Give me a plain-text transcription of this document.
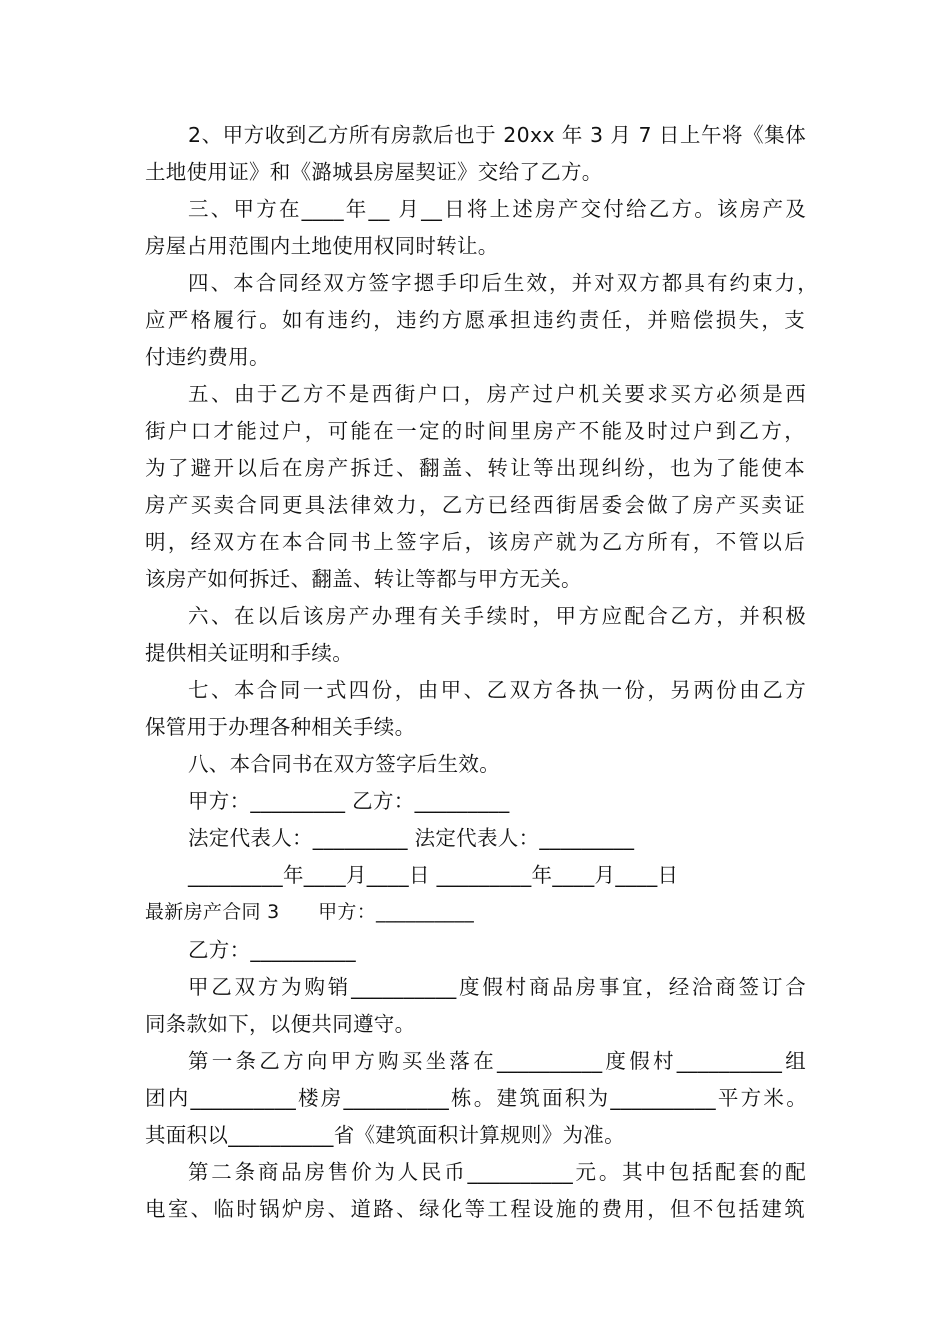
2、甲方收到乙方所有房款后也于 20xx 年 3 月 7 日上午将《集体
土地使用证》和《潞城县房屋契证》交给了乙方。
三、甲方在____年__ 月__日将上述房产交付给乙方。该房产及
房屋占用范围内土地使用权同时转让。
四、本合同经双方签字摁手印后生效，并对双方都具有约束力，
应严格履行。如有违约，违约方愿承担违约责任，并赔偿损失，支
付违约费用。
五、由于乙方不是西街户口，房产过户机关要求买方必须是西
街户口才能过户，可能在一定的时间里房产不能及时过户到乙方，
为了避开以后在房产拆迁、翻盖、转让等出现纠纷，也为了能使本
房产买卖合同更具法律效力，乙方已经西街居委会做了房产买卖证
明，经双方在本合同书上签字后，该房产就为乙方所有，不管以后
该房产如何拆迁、翻盖、转让等都与甲方无关。
六、在以后该房产办理有关手续时，甲方应配合乙方，并积极
提供相关证明和手续。
七、本合同一式四份，由甲、乙双方各执一份，另两份由乙方
保管用于办理各种相关手续。
八、本合同书在双方签字后生效。
甲方：_________ 乙方：_________
法定代表人：_________ 法定代表人：_________
_________年____月____日 _________年____月____日
最新房产合同 3　　甲方：__________
乙方：__________
甲乙双方为购销__________度假村商品房事宜，经洽商签订合
同条款如下，以便共同遵守。
第一条乙方向甲方购买坐落在__________度假村__________组
团内__________楼房__________栋。建筑面积为__________平方米。
其面积以__________省《建筑面积计算规则》为准。
第二条商品房售价为人民币__________元。其中包括配套的配
电室、临时锅炉房、道路、绿化等工程设施的费用，但不包括建筑
